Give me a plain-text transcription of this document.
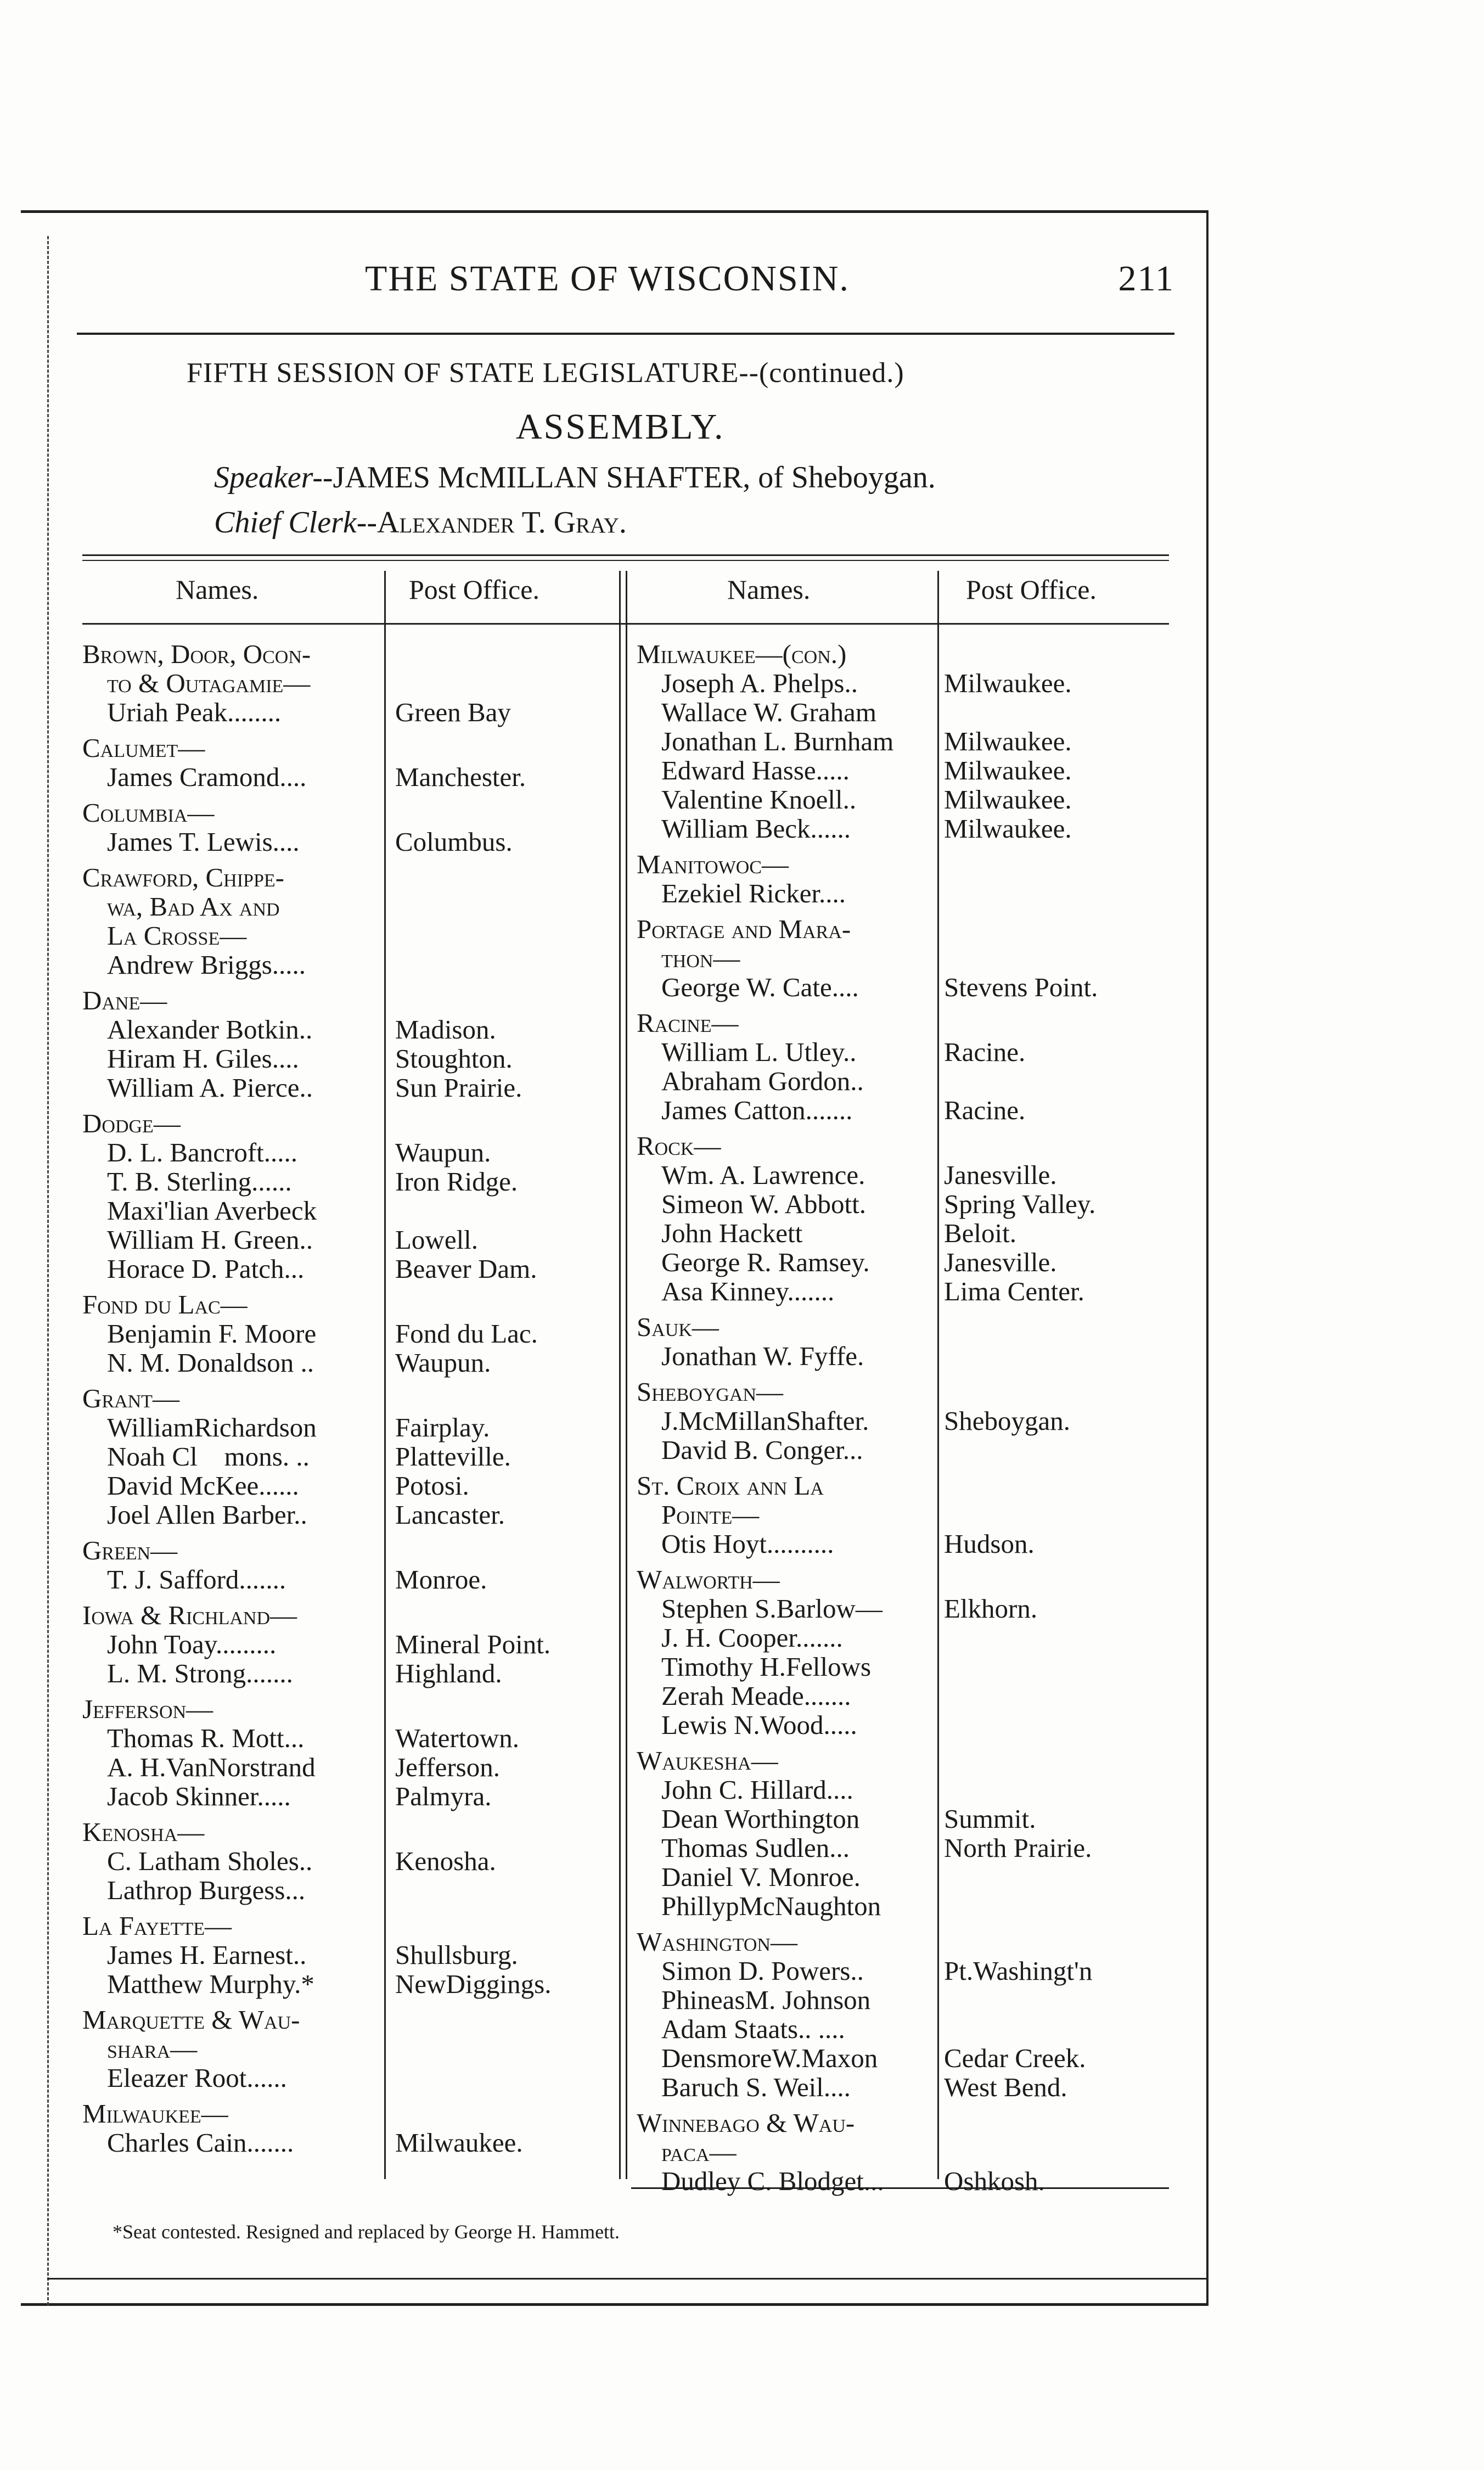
THE STATE OF WISCONSIN.	211
FIFTH SESSION OF STATE LEGISLATURE--(continued.)
ASSEMBLY.
Speaker--JAMES McMILLAN SHAFTER, of Sheboygan.
Chief Clerk--Alexander T. Gray.
Names.	Post Office.	Names.	Post Office.
Brown, Door, Ocon-
to & Outagamie—
Uriah Peak........	Green Bay
Calumet—
James Cramond....	Manchester.
Columbia—
James T. Lewis....	Columbus.
Crawford, Chippe-
wa, Bad Ax and
La Crosse—
Andrew Briggs.....
Dane—
Alexander Botkin..	Madison.
Hiram H. Giles....	Stoughton.
William A. Pierce..	Sun Prairie.
Dodge—
D. L. Bancroft.....	Waupun.
T. B. Sterling......	Iron Ridge.
Maxi'lian Averbeck
William H. Green..	Lowell.
Horace D. Patch...	Beaver Dam.
Fond du Lac—
Benjamin F. Moore	Fond du Lac.
N. M. Donaldson ..	Waupun.
Grant—
WilliamRichardson	Fairplay.
Noah Cl    mons. ..	Platteville.
David McKee......	Potosi.
Joel Allen Barber..	Lancaster.
Green—
T. J. Safford.......	Monroe.
Iowa & Richland—
John Toay.........	Mineral Point.
L. M. Strong.......	Highland.
Jefferson—
Thomas R. Mott...	Watertown.
A. H.VanNorstrand	Jefferson.
Jacob Skinner.....	Palmyra.
Kenosha—
C. Latham Sholes..	Kenosha.
Lathrop Burgess...
La Fayette—
James H. Earnest..	Shullsburg.
Matthew Murphy.*	NewDiggings.
Marquette & Wau-
shara—
Eleazer Root......
Milwaukee—
Charles Cain.......	Milwaukee.
Milwaukee—(con.)
Joseph A. Phelps..	Milwaukee.
Wallace W. Graham
Jonathan L. Burnham Milwaukee.
Edward Hasse.....	Milwaukee.
Valentine Knoell..	Milwaukee.
William Beck......	Milwaukee.
Manitowoc—
Ezekiel Ricker....
Portage and Mara-
thon—
George W. Cate....	Stevens Point.
Racine—
William L. Utley..	Racine.
Abraham Gordon..
James Catton.......	Racine.
Rock—
Wm. A. Lawrence.	Janesville.
Simeon W. Abbott.	Spring Valley.
John Hackett	Beloit.
George R. Ramsey.	Janesville.
Asa Kinney.......	Lima Center.
Sauk—
Jonathan W. Fyffe.
Sheboygan—
J.McMillanShafter.	Sheboygan.
David B. Conger...
St. Croix ann La
Pointe—
Otis Hoyt..........	Hudson.
Walworth—
Stephen S.Barlow— Elkhorn.
J. H. Cooper.......
Timothy H.Fellows
Zerah Meade.......
Lewis N.Wood.....
Waukesha—
John C. Hillard....
Dean Worthington	Summit.
Thomas Sudlen...	North Prairie.
Daniel V. Monroe.
PhillypMcNaughton
Washington—
Simon D. Powers..	Pt.Washingt'n
PhineasM. Johnson
Adam Staats.. ....
DensmoreW.Maxon Cedar Creek.
Baruch S. Weil....	West Bend.
Winnebago & Wau-
paca—
Dudley C. Blodget... Oshkosh.
*Seat contested. Resigned and replaced by George H. Hammett.
